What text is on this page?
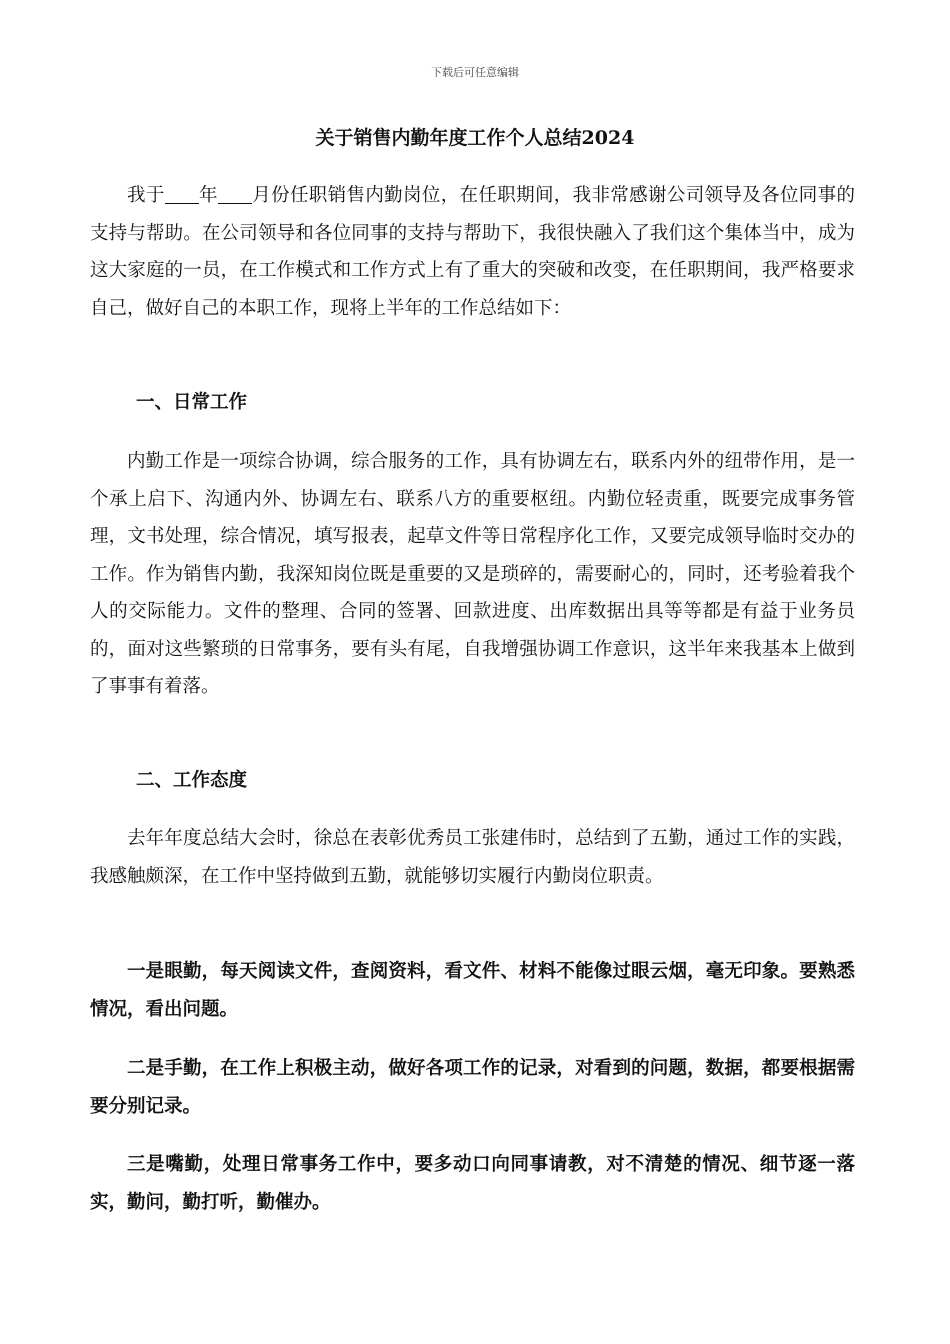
下载后可任意编辑
关于销售内勤年度工作个人总结2024

我于 年 月份任职销售内勤岗位，在任职期间，我非常感谢公司领导及各位同事的支持与帮助。在公司领导和各位同事的支持与帮助下，我很快融入了我们这个集体当中，成为这大家庭的一员，在工作模式和工作方式上有了重大的突破和改变，在任职期间，我严格要求自己，做好自己的本职工作，现将上半年的工作总结如下：

一、日常工作

内勤工作是一项综合协调，综合服务的工作，具有协调左右，联系内外的纽带作用，是一个承上启下、沟通内外、协调左右、联系八方的重要枢纽。内勤位轻责重，既要完成事务管理，文书处理，综合情况，填写报表，起草文件等日常程序化工作，又要完成领导临时交办的工作。作为销售内勤，我深知岗位既是重要的又是琐碎的，需要耐心的，同时，还考验着我个人的交际能力。文件的整理、合同的签署、回款进度、出库数据出具等等都是有益于业务员的，面对这些繁琐的日常事务，要有头有尾，自我增强协调工作意识，这半年来我基本上做到了事事有着落。

二、工作态度

去年年度总结大会时，徐总在表彰优秀员工张建伟时，总结到了五勤，通过工作的实践，我感触颇深，在工作中坚持做到五勤，就能够切实履行内勤岗位职责。

一是眼勤，每天阅读文件，查阅资料，看文件、材料不能像过眼云烟，毫无印象。要熟悉情况，看出问题。

二是手勤，在工作上积极主动，做好各项工作的记录，对看到的问题，数据，都要根据需要分别记录。

三是嘴勤，处理日常事务工作中，要多动口向同事请教，对不清楚的情况、细节逐一落实，勤问，勤打听，勤催办。
